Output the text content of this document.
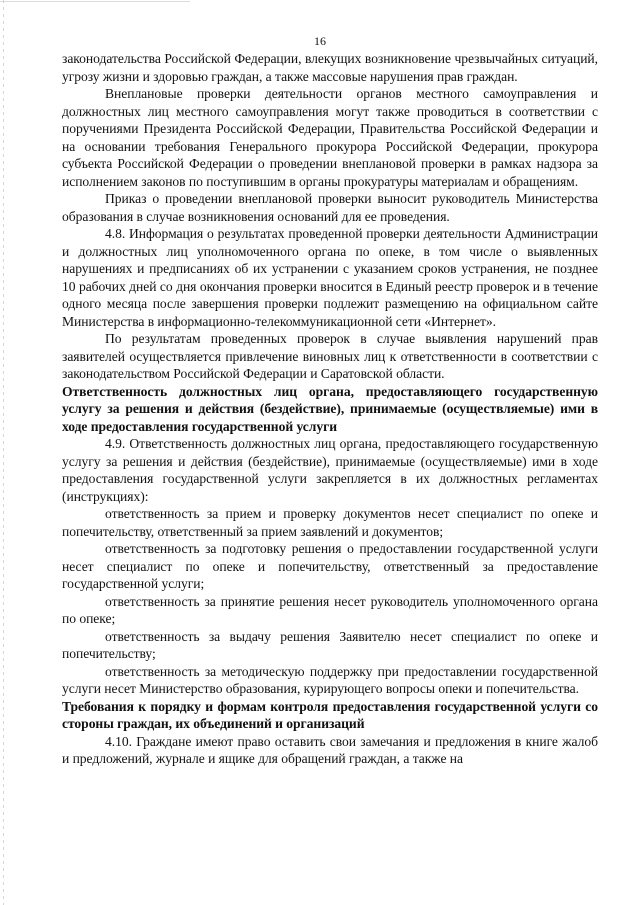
16

законодательства Российской Федерации, влекущих возникновение чрезвычайных ситуаций, угрозу жизни и здоровью граждан, а также массовые нарушения прав граждан.

Внеплановые проверки деятельности органов местного самоуправления и должностных лиц местного самоуправления могут также проводиться в соответствии с поручениями Президента Российской Федерации, Правительства Российской Федерации и на основании требования Генерального прокурора Российской Федерации, прокурора субъекта Российской Федерации о проведении внеплановой проверки в рамках надзора за исполнением законов по поступившим в органы прокуратуры материалам и обращениям.

Приказ о проведении внеплановой проверки выносит руководитель Министерства образования в случае возникновения оснований для ее проведения.

4.8. Информация о результатах проведенной проверки деятельности Администрации и должностных лиц уполномоченного органа по опеке, в том числе о выявленных нарушениях и предписаниях об их устранении с указанием сроков устранения, не позднее 10 рабочих дней со дня окончания проверки вносится в Единый реестр проверок и в течение одного месяца после завершения проверки подлежит размещению на официальном сайте Министерства в информационно-телекоммуникационной сети «Интернет».

По результатам проведенных проверок в случае выявления нарушений прав заявителей осуществляется привлечение виновных лиц к ответственности в соответствии с законодательством Российской Федерации и Саратовской области.

Ответственность должностных лиц органа, предоставляющего государственную услугу за решения и действия (бездействие), принимаемые (осуществляемые) ими в ходе предоставления государственной услуги

4.9. Ответственность должностных лиц органа, предоставляющего государственную услугу за решения и действия (бездействие), принимаемые (осуществляемые) ими в ходе предоставления государственной услуги закрепляется в их должностных регламентах (инструкциях):

ответственность за прием и проверку документов несет специалист по опеке и попечительству, ответственный за прием заявлений и документов;

ответственность за подготовку решения о предоставлении государственной услуги несет специалист по опеке и попечительству, ответственный за предоставление государственной услуги;

ответственность за принятие решения несет руководитель уполномоченного органа по опеке;

ответственность за выдачу решения Заявителю несет специалист по опеке и попечительству;

ответственность за методическую поддержку при предоставлении государственной услуги несет Министерство образования, курирующего вопросы опеки и попечительства.

Требования к порядку и формам контроля предоставления государственной услуги со стороны граждан, их объединений и организаций

4.10. Граждане имеют право оставить свои замечания и предложения в книге жалоб и предложений, журнале и ящике для обращений граждан, а также на
